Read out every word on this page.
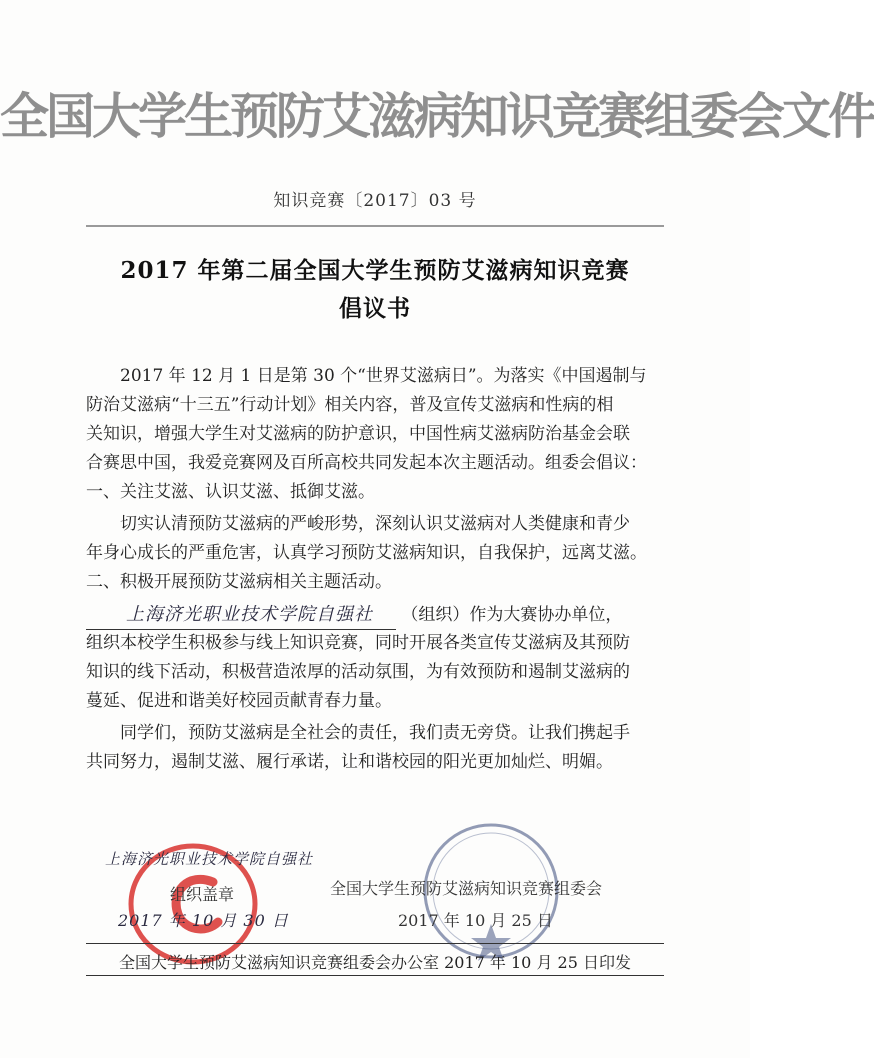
全国大学生预防艾滋病知识竞赛组委会文件
知识竞赛〔2017〕03 号
2017 年第二届全国大学生预防艾滋病知识竞赛
倡议书
2017 年 12 月 1 日是第 30 个“世界艾滋病日”。为落实《中国遏制与
防治艾滋病“十三五”行动计划》相关内容，普及宣传艾滋病和性病的相
关知识，增强大学生对艾滋病的防护意识，中国性病艾滋病防治基金会联
合赛思中国，我爱竞赛网及百所高校共同发起本次主题活动。组委会倡议：
一、关注艾滋、认识艾滋、抵御艾滋。
切实认清预防艾滋病的严峻形势，深刻认识艾滋病对人类健康和青少
年身心成长的严重危害，认真学习预防艾滋病知识，自我保护，远离艾滋。
二、积极开展预防艾滋病相关主题活动。
上海济光职业技术学院自强社 （组织）作为大赛协办单位，
组织本校学生积极参与线上知识竞赛，同时开展各类宣传艾滋病及其预防
知识的线下活动，积极营造浓厚的活动氛围，为有效预防和遏制艾滋病的
蔓延、促进和谐美好校园贡献青春力量。
同学们，预防艾滋病是全社会的责任，我们责无旁贷。让我们携起手
共同努力，遏制艾滋、履行承诺，让和谐校园的阳光更加灿烂、明媚。
上海济光职业技术学院自强社
组织盖章
2017 年 10 月 30 日
全国大学生预防艾滋病知识竞赛组委会
2017 年 10 月 25 日
全国大学生预防艾滋病知识竞赛组委会办公室 2017 年 10 月 25 日印发
